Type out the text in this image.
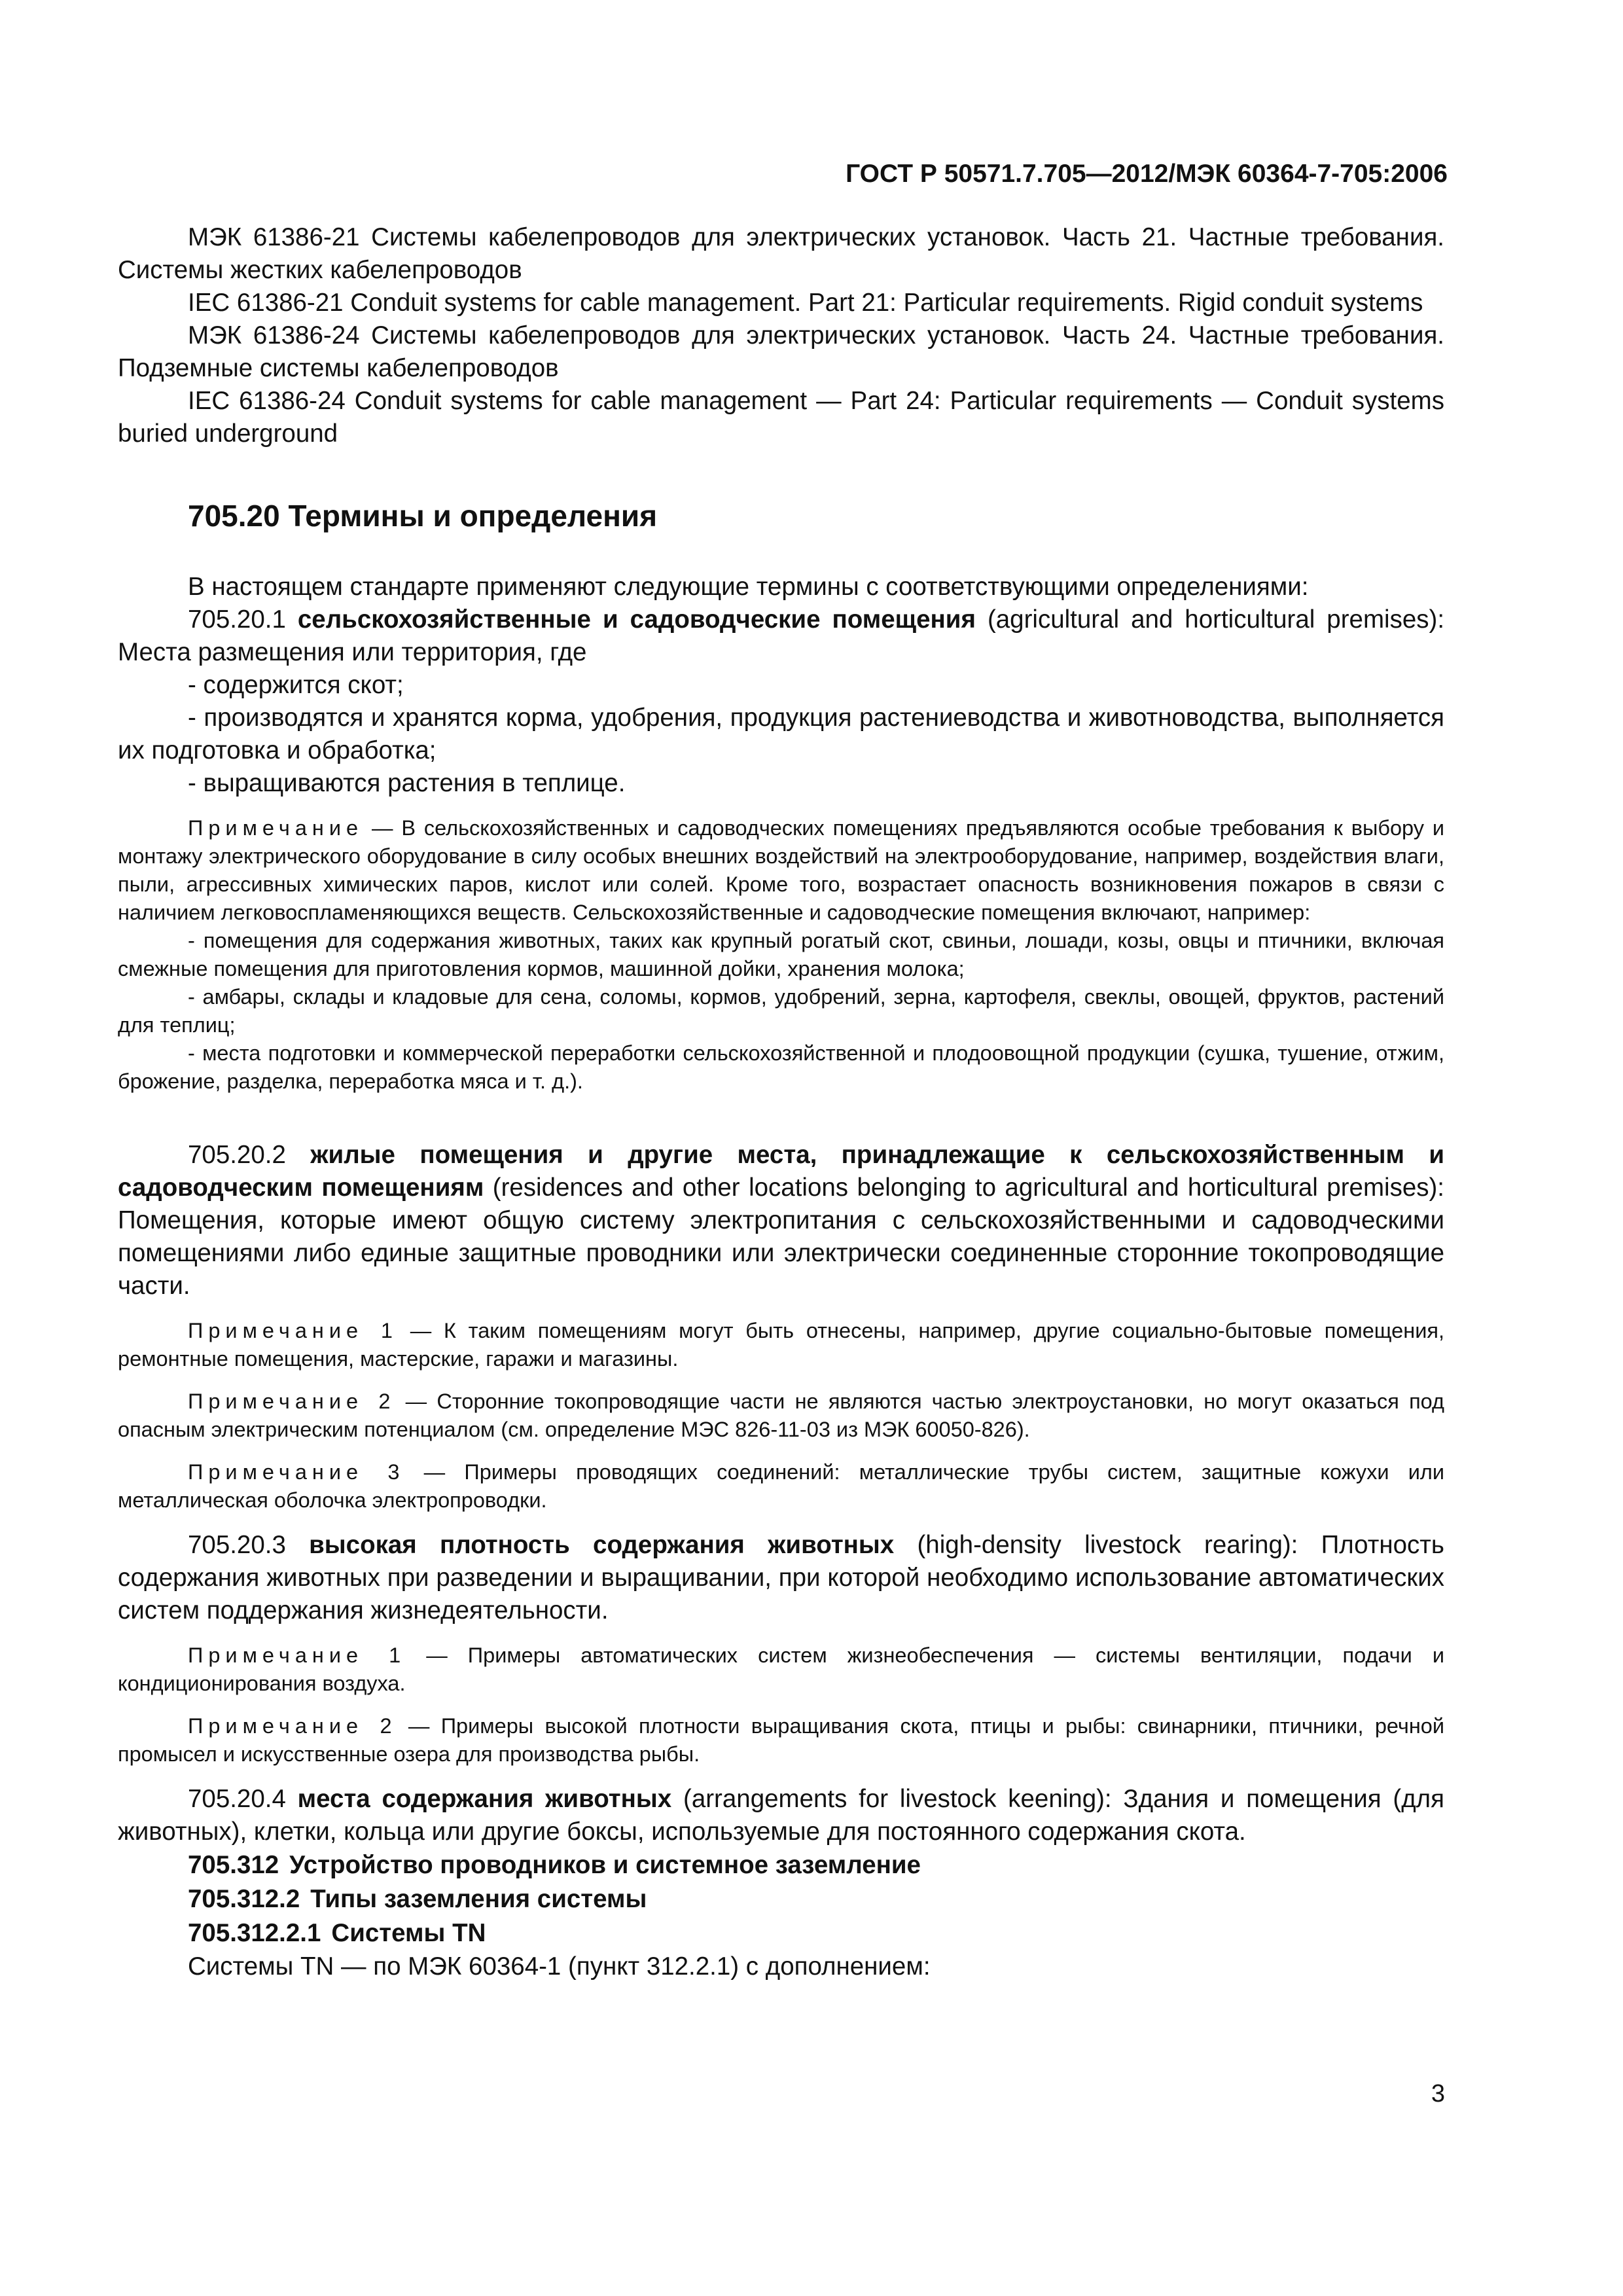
ГОСТ Р 50571.7.705—2012/МЭК 60364-7-705:2006

МЭК 61386-21 Системы кабелепроводов для электрических установок. Часть 21. Частные требования. Системы жестких кабелепроводов

IEC 61386-21 Conduit systems for cable management. Part 21: Particular requirements. Rigid conduit systems

МЭК 61386-24 Системы кабелепроводов для электрических установок. Часть 24. Частные требования. Подземные системы кабелепроводов

IEC 61386-24 Conduit systems for cable management — Part 24: Particular requirements — Conduit systems buried underground

705.20 Термины и определения

В настоящем стандарте применяют следующие термины с соответствующими определениями:

705.20.1 сельскохозяйственные и садоводческие помещения (agricultural and horticultural premises): Места размещения или территория, где

- содержится скот;

- производятся и хранятся корма, удобрения, продукция растениеводства и животноводства, выполняется их подготовка и обработка;

- выращиваются растения в теплице.

Примечание — В сельскохозяйственных и садоводческих помещениях предъявляются особые требования к выбору и монтажу электрического оборудование в силу особых внешних воздействий на электрооборудование, например, воздействия влаги, пыли, агрессивных химических паров, кислот или солей. Кроме того, возрастает опасность возникновения пожаров в связи с наличием легковоспламеняющихся веществ. Сельскохозяйственные и садоводческие помещения включают, например:

- помещения для содержания животных, таких как крупный рогатый скот, свиньи, лошади, козы, овцы и птичники, включая смежные помещения для приготовления кормов, машинной дойки, хранения молока;

- амбары, склады и кладовые для сена, соломы, кормов, удобрений, зерна, картофеля, свеклы, овощей, фруктов, растений для теплиц;

- места подготовки и коммерческой переработки сельскохозяйственной и плодоовощной продукции (сушка, тушение, отжим, брожение, разделка, переработка мяса и т. д.).

705.20.2 жилые помещения и другие места, принадлежащие к сельскохозяйственным и садоводческим помещениям (residences and other locations belonging to agricultural and horticultural premises): Помещения, которые имеют общую систему электропитания с сельскохозяйственными и садоводческими помещениями либо единые защитные проводники или электрически соединенные сторонние токопроводящие части.

Примечание 1 — К таким помещениям могут быть отнесены, например, другие социально-бытовые помещения, ремонтные помещения, мастерские, гаражи и магазины.

Примечание 2 — Сторонние токопроводящие части не являются частью электроустановки, но могут оказаться под опасным электрическим потенциалом (см. определение МЭС 826-11-03 из МЭК 60050-826).

Примечание 3 — Примеры проводящих соединений: металлические трубы систем, защитные кожухи или металлическая оболочка электропроводки.

705.20.3 высокая плотность содержания животных (high-density livestock rearing): Плотность содержания животных при разведении и выращивании, при которой необходимо использование автоматических систем поддержания жизнедеятельности.

Примечание 1 — Примеры автоматических систем жизнеобеспечения — системы вентиляции, подачи и кондиционирования воздуха.

Примечание 2 — Примеры высокой плотности выращивания скота, птицы и рыбы: свинарники, птичники, речной промысел и искусственные озера для производства рыбы.

705.20.4 места содержания животных (arrangements for livestock keening): Здания и помещения (для животных), клетки, кольца или другие боксы, используемые для постоянного содержания скота.

705.312 Устройство проводников и системное заземление
705.312.2 Типы заземления системы
705.312.2.1 Системы TN

Системы TN — по МЭК 60364-1 (пункт 312.2.1) с дополнением:

3
